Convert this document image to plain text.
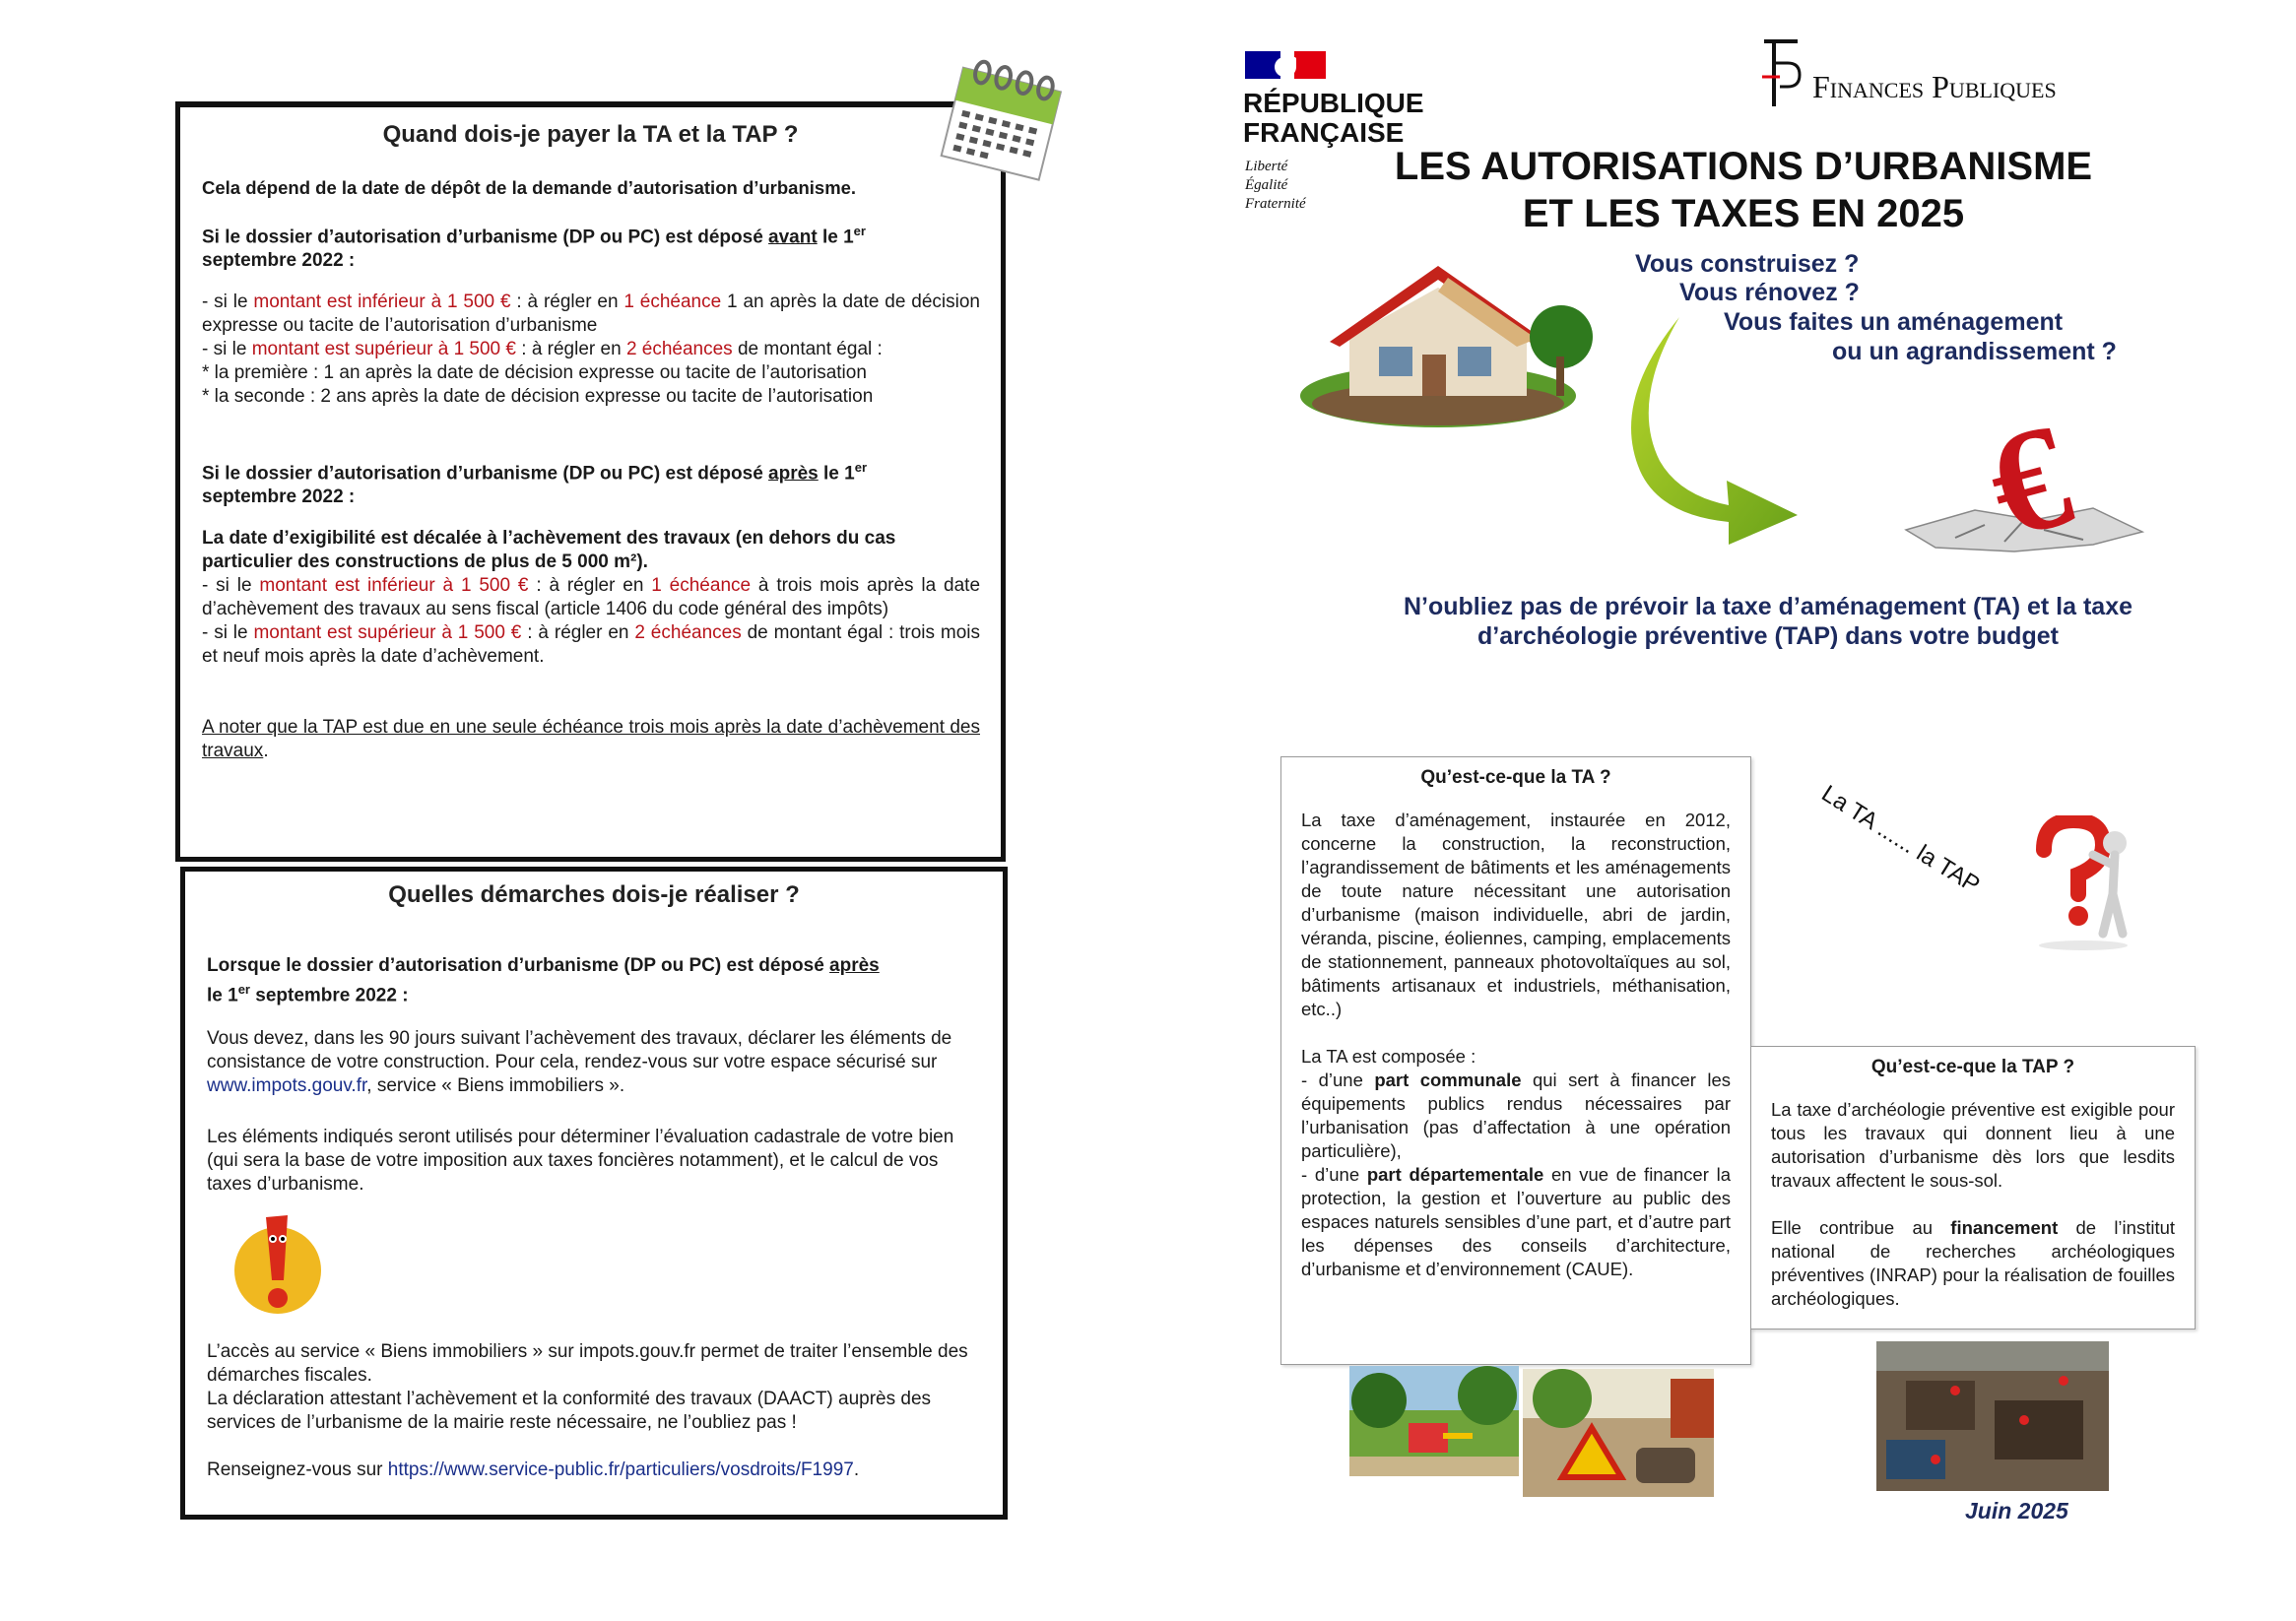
Quand dois-je payer la TA et la TAP ?
Cela dépend de la date de dépôt de la demande d’autorisation d’urbanisme.
Si le dossier d’autorisation d’urbanisme (DP ou PC) est déposé avant le 1er
septembre 2022 :
- si le montant est inférieur à 1 500 € : à régler en 1 échéance 1 an après la date de décision expresse ou tacite de l’autorisation d’urbanisme
- si le montant est supérieur à 1 500 € : à régler en 2 échéances de montant égal :
* la première : 1 an après la date de décision expresse ou tacite de l’autorisation
* la seconde : 2 ans après la date de décision expresse ou tacite de l’autorisation
Si le dossier d’autorisation d’urbanisme (DP ou PC) est déposé après le 1er
septembre 2022 :
La date d’exigibilité est décalée à l’achèvement des travaux (en dehors du cas particulier des constructions de plus de 5 000 m²).
- si le montant est inférieur à 1 500 € : à régler en 1 échéance à trois mois après la date d’achèvement des travaux au sens fiscal (article 1406 du code général des impôts)
- si le montant est supérieur à 1 500 € : à régler en 2 échéances de montant égal : trois mois et neuf mois après la date d’achèvement.
A noter que la TAP est due en une seule échéance trois mois après la date d’achèvement des travaux.
Quelles démarches dois-je réaliser ?
Lorsque le dossier d’autorisation d’urbanisme (DP ou PC) est déposé après
le 1er septembre 2022 :
Vous devez, dans les 90 jours suivant l’achèvement des travaux, déclarer les éléments de consistance de votre construction. Pour cela, rendez-vous sur votre espace sécurisé sur www.impots.gouv.fr, service « Biens immobiliers ».
Les éléments indiqués seront utilisés pour déterminer l’évaluation cadastrale de votre bien (qui sera la base de votre imposition aux taxes foncières notamment), et le calcul de vos taxes d’urbanisme.
L’accès au service « Biens immobiliers » sur impots.gouv.fr permet de traiter l’ensemble des démarches fiscales.
La déclaration attestant l’achèvement et la conformité des travaux (DAACT) auprès des services de l’urbanisme de la mairie reste nécessaire, ne l’oubliez pas !
Renseignez-vous sur https://www.service-public.fr/particuliers/vosdroits/F1997.
RÉPUBLIQUE
FRANÇAISE
Liberté
Égalité
Fraternité
Finances Publiques
LES AUTORISATIONS D’URBANISME
ET LES TAXES EN 2025
Vous construisez ?
Vous rénovez ?
Vous faites un aménagement
ou un agrandissement ?
€
N’oubliez pas de prévoir la taxe d’aménagement (TA) et la taxe d’archéologie préventive (TAP) dans votre budget
Qu’est-ce-que la TA ?
La taxe d’aménagement, instaurée en 2012, concerne la construction, la reconstruction, l’agrandissement de bâtiments et les aménagements de toute nature nécessitant une autorisation d’urbanisme (maison individuelle, abri de jardin, véranda, piscine, éoliennes, camping, emplacements de stationnement, panneaux photovoltaïques au sol, bâtiments artisanaux et industriels, méthanisation, etc..)
La TA est composée :
- d’une part communale qui sert à financer les équipements publics rendus nécessaires par l’urbanisation (pas d’affectation à une opération particulière),
- d’une part départementale en vue de financer la protection, la gestion et l’ouverture au public des espaces naturels sensibles d’une part, et d’autre part les dépenses des conseils d’architecture, d’urbanisme et d’environnement (CAUE).
La TA ...... la TAP
Qu’est-ce-que la TAP ?
La taxe d’archéologie préventive est exigible pour tous les travaux qui donnent lieu à une autorisation d’urbanisme dès lors que lesdits travaux affectent le sous-sol.
Elle contribue au financement de l’institut national de recherches archéologiques préventives (INRAP) pour la réalisation de fouilles archéologiques.
Juin 2025
